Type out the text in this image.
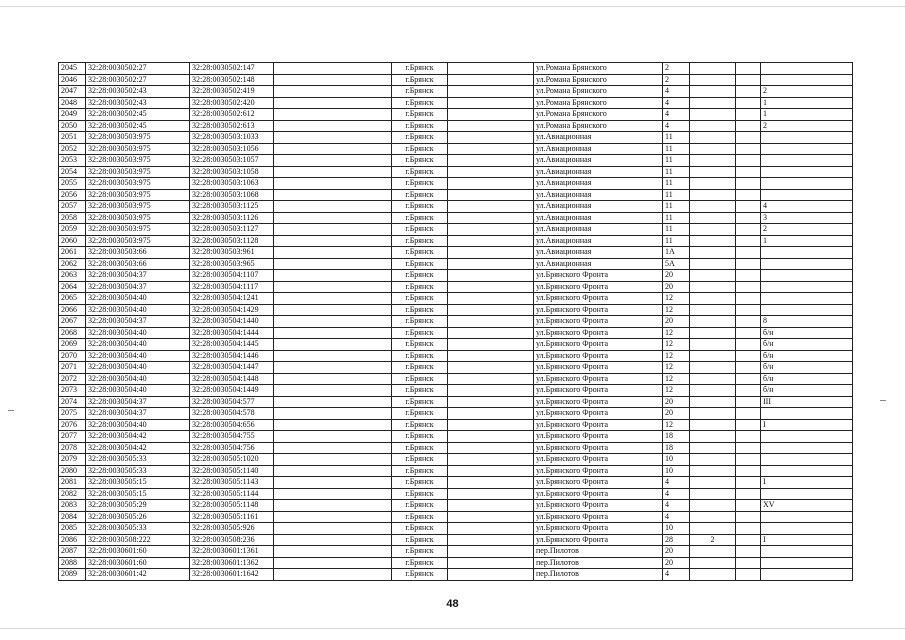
2045	32:28:0030502:27	32:28:0030502:147		г.Брянск		ул.Романа Брянского	2			
2046	32:28:0030502:27	32:28:0030502:148		г.Брянск		ул.Романа Брянского	2			
2047	32:28:0030502:43	32:28:0030502:419		г.Брянск		ул.Романа Брянского	4			2
2048	32:28:0030502:43	32:28:0030502:420		г.Брянск		ул.Романа Брянского	4			1
2049	32:28:0030502:45	32:28:0030502:612		г.Брянск		ул.Романа Брянского	4			1
2050	32:28:0030502:45	32:28:0030502:613		г.Брянск		ул.Романа Брянского	4			2
2051	32:28:0030503:975	32:28:0030503:1033		г.Брянск		ул.Авиационная	11			
2052	32:28:0030503:975	32:28:0030503:1056		г.Брянск		ул.Авиационная	11			
2053	32:28:0030503:975	32:28:0030503:1057		г.Брянск		ул.Авиационная	11			
2054	32:28:0030503:975	32:28:0030503:1058		г.Брянск		ул.Авиационная	11			
2055	32:28:0030503:975	32:28:0030503:1063		г.Брянск		ул.Авиационная	11			
2056	32:28:0030503:975	32:28:0030503:1068		г.Брянск		ул.Авиационная	11			
2057	32:28:0030503:975	32:28:0030503:1125		г.Брянск		ул.Авиационная	11			4
2058	32:28:0030503:975	32:28:0030503:1126		г.Брянск		ул.Авиационная	11			3
2059	32:28:0030503:975	32:28:0030503:1127		г.Брянск		ул.Авиационная	11			2
2060	32:28:0030503:975	32:28:0030503:1128		г.Брянск		ул.Авиационная	11			1
2061	32:28:0030503:66	32:28:0030503:961		г.Брянск		ул.Авиационная	1А			
2062	32:28:0030503:66	32:28:0030503:965		г.Брянск		ул.Авиационная	5А			
2063	32:28:0030504:37	32:28:0030504:1107		г.Брянск		ул.Брянского Фронта	20			
2064	32:28:0030504:37	32:28:0030504:1117		г.Брянск		ул.Брянского Фронта	20			
2065	32:28:0030504:40	32:28:0030504:1241		г.Брянск		ул.Брянского Фронта	12			
2066	32:28:0030504:40	32:28:0030504:1429		г.Брянск		ул.Брянского Фронта	12			
2067	32:28:0030504:37	32:28:0030504:1440		г.Брянск		ул.Брянского Фронта	20			8
2068	32:28:0030504:40	32:28:0030504:1444		г.Брянск		ул.Брянского Фронта	12			б/н
2069	32:28:0030504:40	32:28:0030504:1445		г.Брянск		ул.Брянского Фронта	12			б/н
2070	32:28:0030504:40	32:28:0030504:1446		г.Брянск		ул.Брянского Фронта	12			б/н
2071	32:28:0030504:40	32:28:0030504:1447		г.Брянск		ул.Брянского Фронта	12			б/н
2072	32:28:0030504:40	32:28:0030504:1448		г.Брянск		ул.Брянского Фронта	12			б/н
2073	32:28:0030504:40	32:28:0030504:1449		г.Брянск		ул.Брянского Фронта	12			б/н
2074	32:28:0030504:37	32:28:0030504:577		г.Брянск		ул.Брянского Фронта	20			III
2075	32:28:0030504:37	32:28:0030504:578		г.Брянск		ул.Брянского Фронта	20			
2076	32:28:0030504:40	32:28:0030504:656		г.Брянск		ул.Брянского Фронта	12			I
2077	32:28:0030504:42	32:28:0030504:755		г.Брянск		ул.Брянского Фронта	18			
2078	32:28:0030504:42	32:28:0030504:756		г.Брянск		ул.Брянского Фронта	18			
2079	32:28:0030505:33	32:28:0030505:1020		г.Брянск		ул.Брянского Фронта	10			
2080	32:28:0030505:33	32:28:0030505:1140		г.Брянск		ул.Брянского Фронта	10			
2081	32:28:0030505:15	32:28:0030505:1143		г.Брянск		ул.Брянского Фронта	4			I
2082	32:28:0030505:15	32:28:0030505:1144		г.Брянск		ул.Брянского Фронта	4			
2083	32:28:0030505:29	32:28:0030505:1148		г.Брянск		ул.Брянского Фронта	4			XV
2084	32:28:0030505:26	32:28:0030505:1161		г.Брянск		ул.Брянского Фронта	4			
2085	32:28:0030505:33	32:28:0030505:926		г.Брянск		ул.Брянского Фронта	10			
2086	32:28:0030508:222	32:28:0030508:236		г.Брянск		ул.Брянского Фронта	28	2		I
2087	32:28:0030601:60	32:28:0030601:1361		г.Брянск		пер.Пилотов	20			
2088	32:28:0030601:60	32:28:0030601:1362		г.Брянск		пер.Пилотов	20			
2089	32:28:0030601:42	32:28:0030601:1642		г.Брянск		пер.Пилотов	4			
48
